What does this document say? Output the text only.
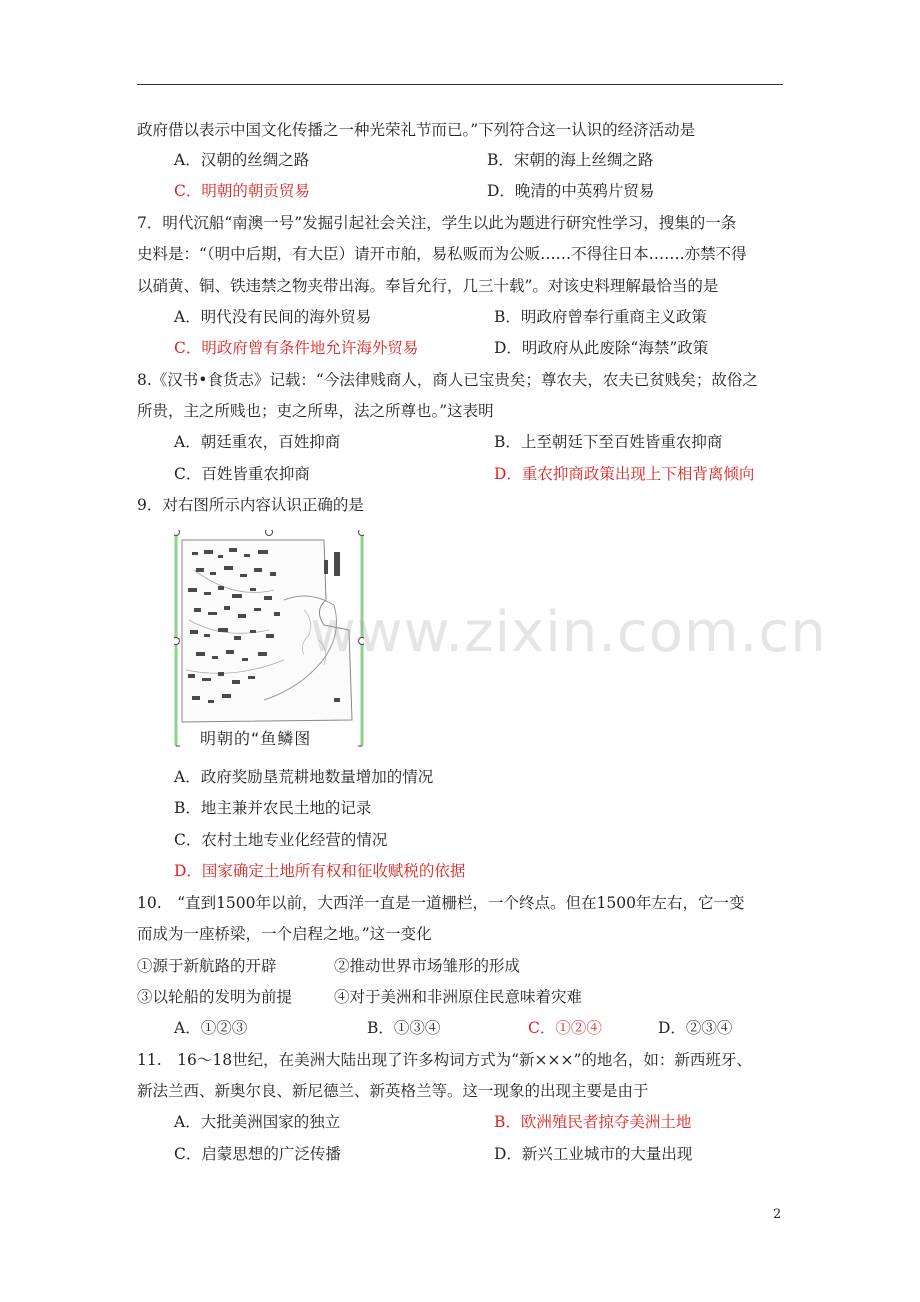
政府借以表示中国文化传播之一种光荣礼节而已。”下列符合这一认识的经济活动是
A．汉朝的丝绸之路	B．宋朝的海上丝绸之路
C．明朝的朝贡贸易	D．晚清的中英鸦片贸易
7．明代沉船“南澳一号”发掘引起社会关注，学生以此为题进行研究性学习，搜集的一条
史料是：“（明中后期，有大臣）请开市舶，易私贩而为公贩……不得往日本…….亦禁不得
以硝黄、铜、铁违禁之物夹带出海。奉旨允行，几三十载”。对该史料理解最恰当的是
A．明代没有民间的海外贸易	B．明政府曾奉行重商主义政策
C．明政府曾有条件地允许海外贸易	D．明政府从此废除“海禁”政策
8.《汉书•食货志》记载：“今法律贱商人，商人已宝贵矣；尊农夫，农夫已贫贱矣；故俗之
所贵，主之所贱也；吏之所卑，法之所尊也。”这表明
A．朝廷重农，百姓抑商	B．上至朝廷下至百姓皆重农抑商
C．百姓皆重农抑商	D．重农抑商政策出现上下相背离倾向
9．对右图所示内容认识正确的是
明朝的“鱼鳞图
A．政府奖励垦荒耕地数量增加的情况
B．地主兼并农民土地的记录
C．农村土地专业化经营的情况
D．国家确定土地所有权和征收赋税的依据
10.　“直到1500年以前，大西洋一直是一道栅栏，一个终点。但在1500年左右，它一变
而成为一座桥梁，一个启程之地。”这一变化
①源于新航路的开辟	②推动世界市场雏形的形成
③以轮船的发明为前提	④对于美洲和非洲原住民意味着灾难
A．①②③	B．①③④	C．①②④	D．②③④
11.　16～18世纪，在美洲大陆出现了许多构词方式为“新×××”的地名，如：新西班牙、
新法兰西、新奥尔良、新尼德兰、新英格兰等。这一现象的出现主要是由于
A．大批美洲国家的独立	B．欧洲殖民者掠夺美洲土地
C．启蒙思想的广泛传播	D．新兴工业城市的大量出现
www.zixin.com.cn
2
